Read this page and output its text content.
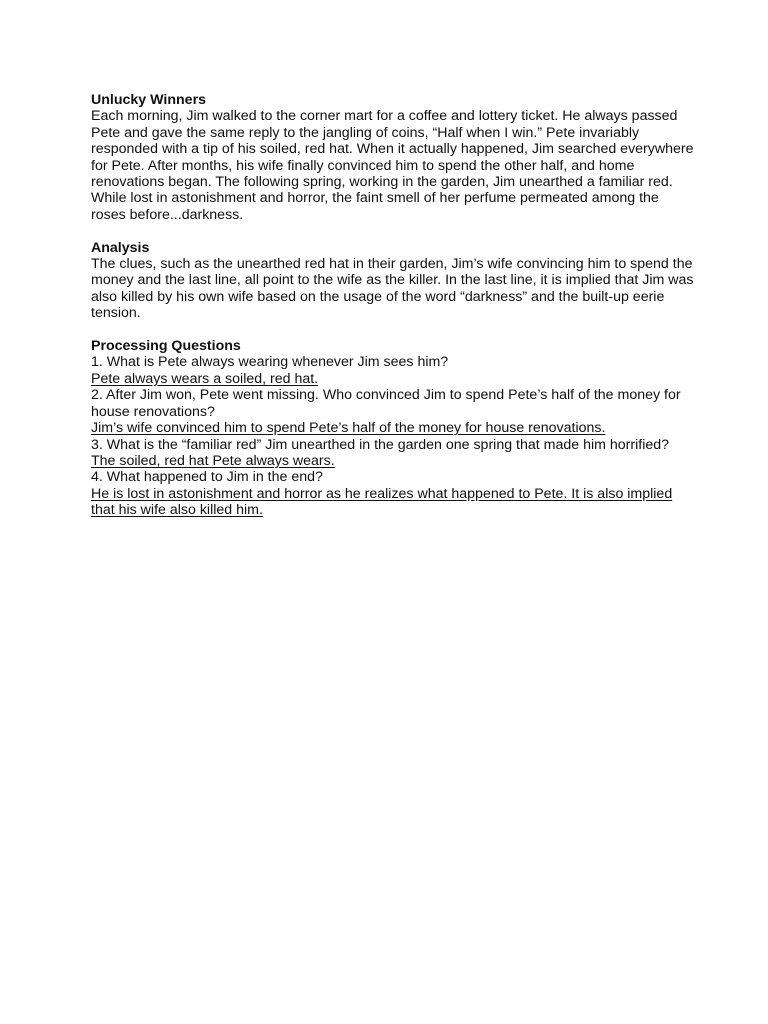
Unlucky Winners
Each morning, Jim walked to the corner mart for a coffee and lottery ticket. He always passed
Pete and gave the same reply to the jangling of coins, “Half when I win.” Pete invariably
responded with a tip of his soiled, red hat. When it actually happened, Jim searched everywhere
for Pete. After months, his wife finally convinced him to spend the other half, and home
renovations began. The following spring, working in the garden, Jim unearthed a familiar red.
While lost in astonishment and horror, the faint smell of her perfume permeated among the
roses before...darkness.
Analysis
The clues, such as the unearthed red hat in their garden, Jim’s wife convincing him to spend the
money and the last line, all point to the wife as the killer. In the last line, it is implied that Jim was
also killed by his own wife based on the usage of the word “darkness” and the built-up eerie
tension.
Processing Questions
1. What is Pete always wearing whenever Jim sees him?
Pete always wears a soiled, red hat.
2. After Jim won, Pete went missing. Who convinced Jim to spend Pete’s half of the money for
house renovations?
Jim’s wife convinced him to spend Pete’s half of the money for house renovations.
3. What is the “familiar red” Jim unearthed in the garden one spring that made him horrified?
The soiled, red hat Pete always wears.
4. What happened to Jim in the end?
He is lost in astonishment and horror as he realizes what happened to Pete. It is also implied
that his wife also killed him.
